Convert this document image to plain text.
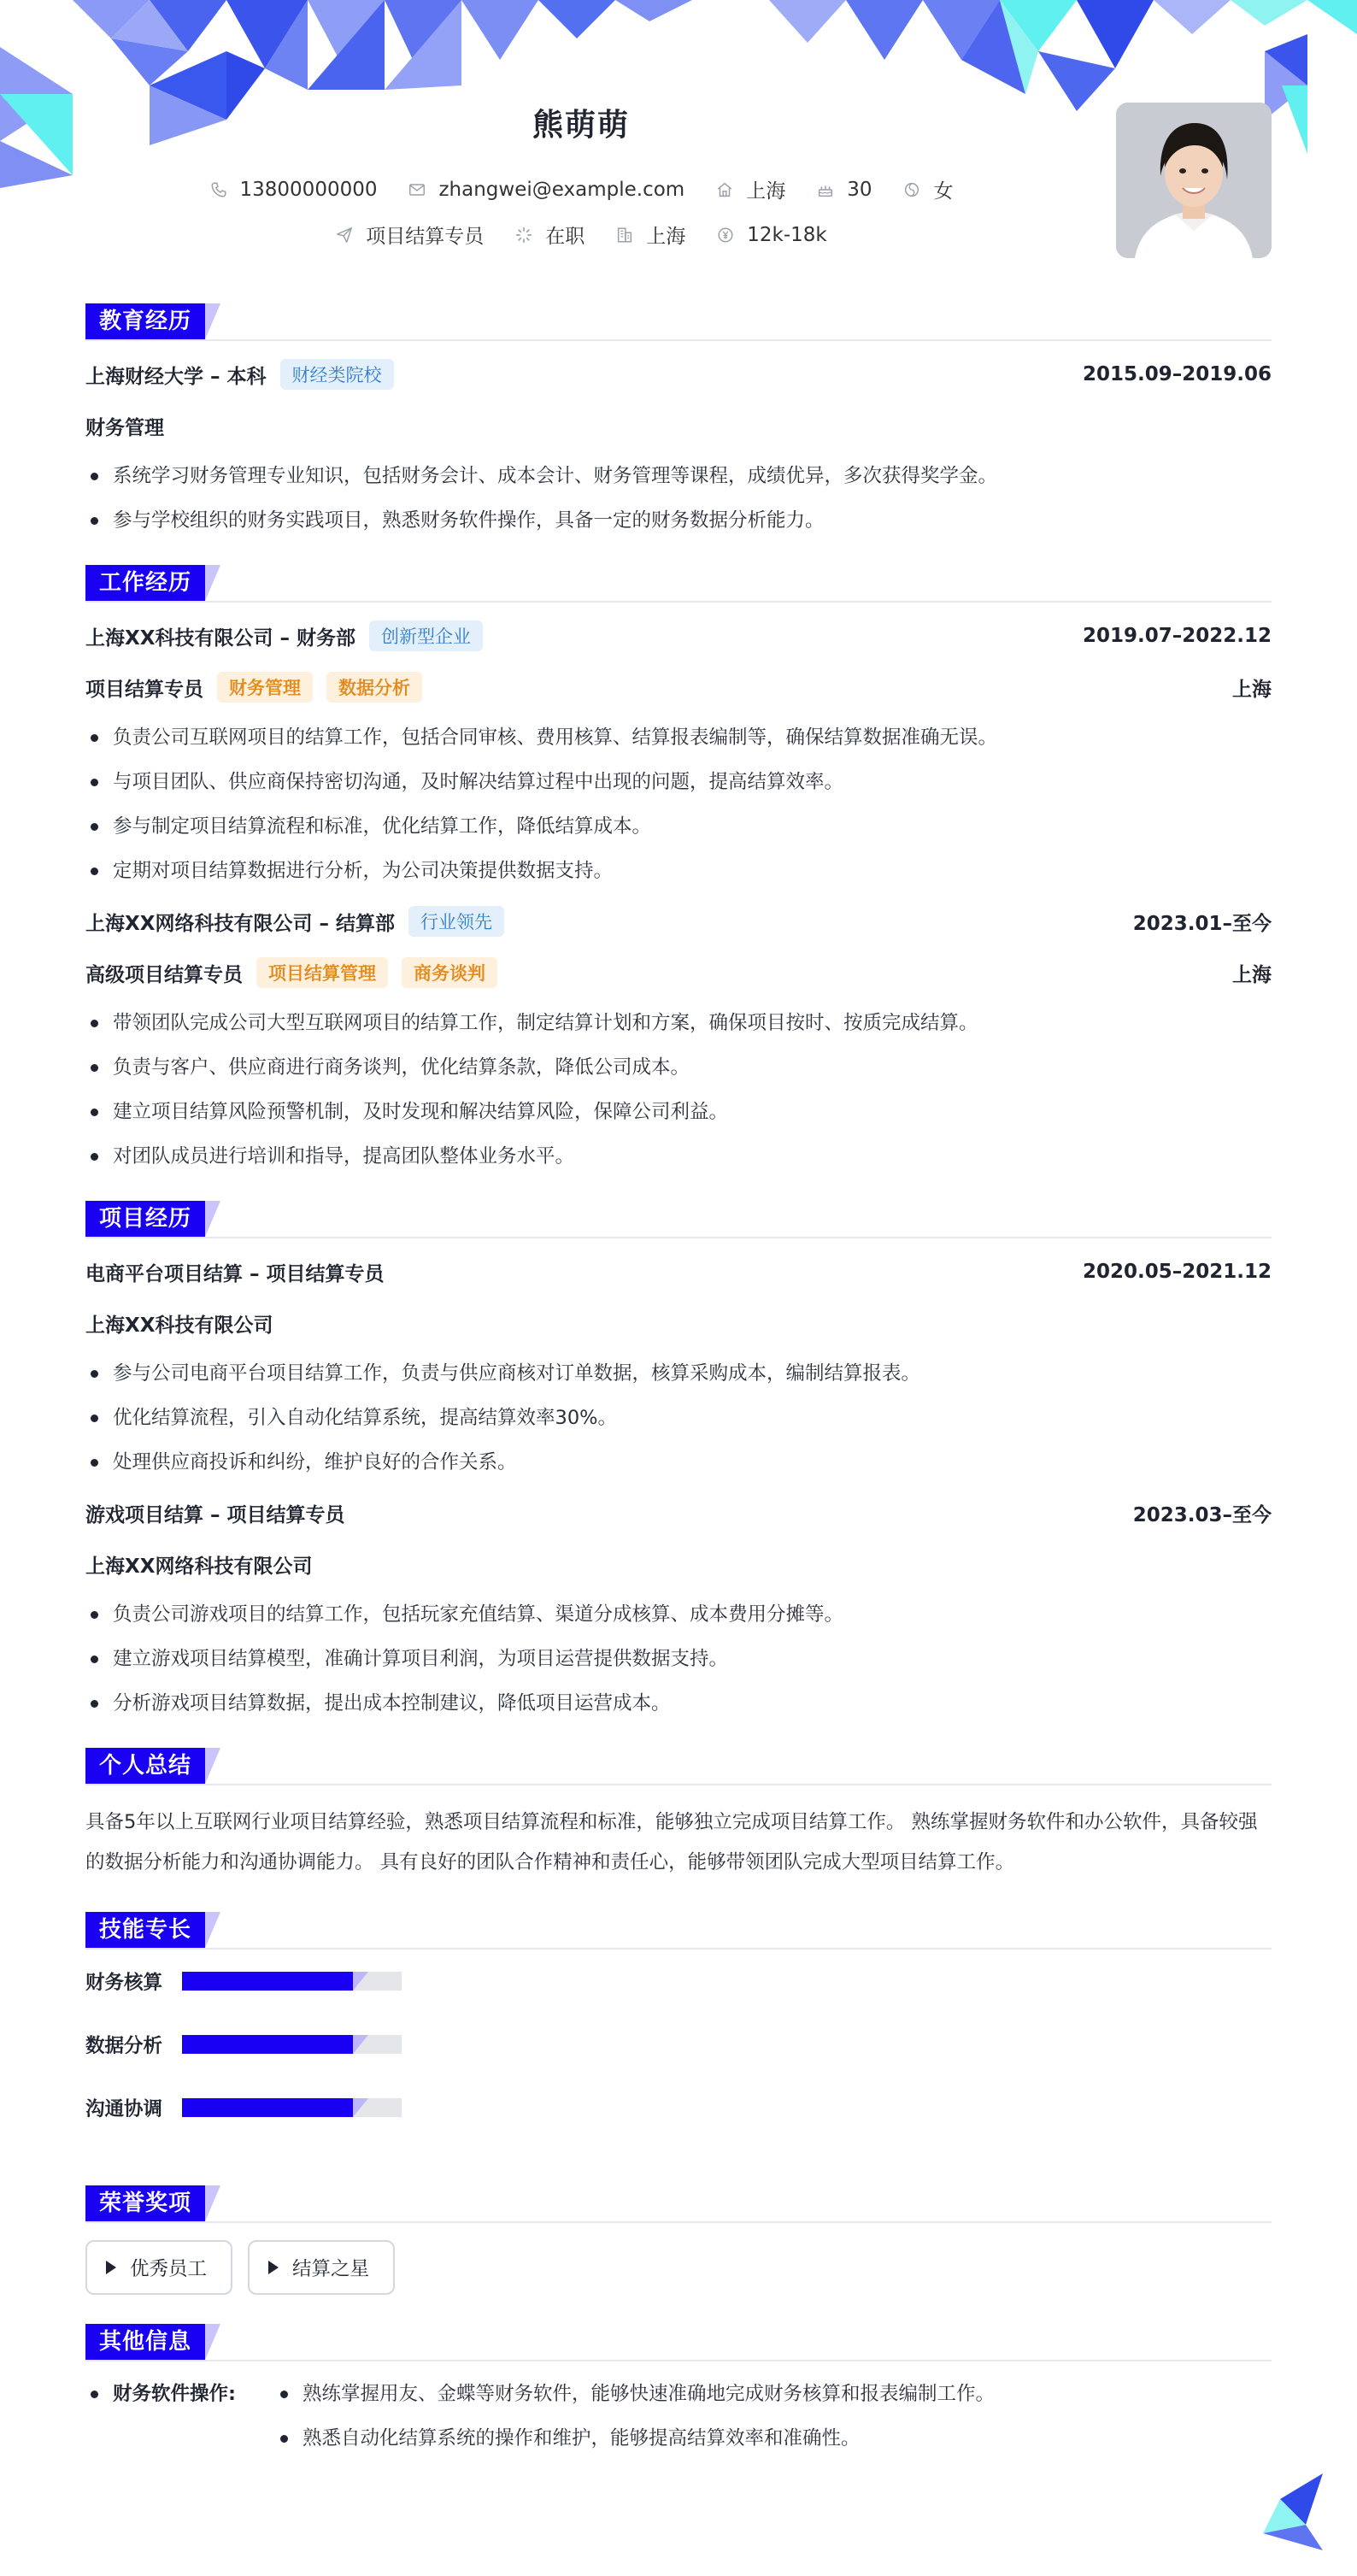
熊萌萌
13800000000	zhangwei@example.com	上海	30	女
项目结算专员	在职	上海	12k-18k
教育经历
上海财经大学 – 本科	财经类院校	2015.09–2019.06
财务管理
系统学习财务管理专业知识，包括财务会计、成本会计、财务管理等课程，成绩优异，多次获得奖学金。
参与学校组织的财务实践项目，熟悉财务软件操作，具备一定的财务数据分析能力。
工作经历
上海XX科技有限公司 – 财务部	创新型企业	2019.07–2022.12
项目结算专员	财务管理	数据分析	上海
负责公司互联网项目的结算工作，包括合同审核、费用核算、结算报表编制等，确保结算数据准确无误。
与项目团队、供应商保持密切沟通，及时解决结算过程中出现的问题，提高结算效率。
参与制定项目结算流程和标准，优化结算工作，降低结算成本。
定期对项目结算数据进行分析，为公司决策提供数据支持。
上海XX网络科技有限公司 – 结算部	行业领先	2023.01–至今
高级项目结算专员	项目结算管理	商务谈判	上海
带领团队完成公司大型互联网项目的结算工作，制定结算计划和方案，确保项目按时、按质完成结算。
负责与客户、供应商进行商务谈判，优化结算条款，降低公司成本。
建立项目结算风险预警机制，及时发现和解决结算风险，保障公司利益。
对团队成员进行培训和指导，提高团队整体业务水平。
项目经历
电商平台项目结算 – 项目结算专员	2020.05–2021.12
上海XX科技有限公司
参与公司电商平台项目结算工作，负责与供应商核对订单数据，核算采购成本，编制结算报表。
优化结算流程，引入自动化结算系统，提高结算效率30%。
处理供应商投诉和纠纷，维护良好的合作关系。
游戏项目结算 – 项目结算专员	2023.03–至今
上海XX网络科技有限公司
负责公司游戏项目的结算工作，包括玩家充值结算、渠道分成核算、成本费用分摊等。
建立游戏项目结算模型，准确计算项目利润，为项目运营提供数据支持。
分析游戏项目结算数据，提出成本控制建议，降低项目运营成本。
个人总结

具备5年以上互联网行业项目结算经验，熟悉项目结算流程和标准，能够独立完成项目结算工作。 熟练掌握财务软件和办公软件，具备较强的数据分析能力和沟通协调能力。 具有良好的团队合作精神和责任心，能够带领团队完成大型项目结算工作。

技能专长
财务核算
数据分析
沟通协调
荣誉奖项
优秀员工	结算之星
其他信息
财务软件操作:	熟练掌握用友、金蝶等财务软件，能够快速准确地完成财务核算和报表编制工作。
熟悉自动化结算系统的操作和维护，能够提高结算效率和准确性。
